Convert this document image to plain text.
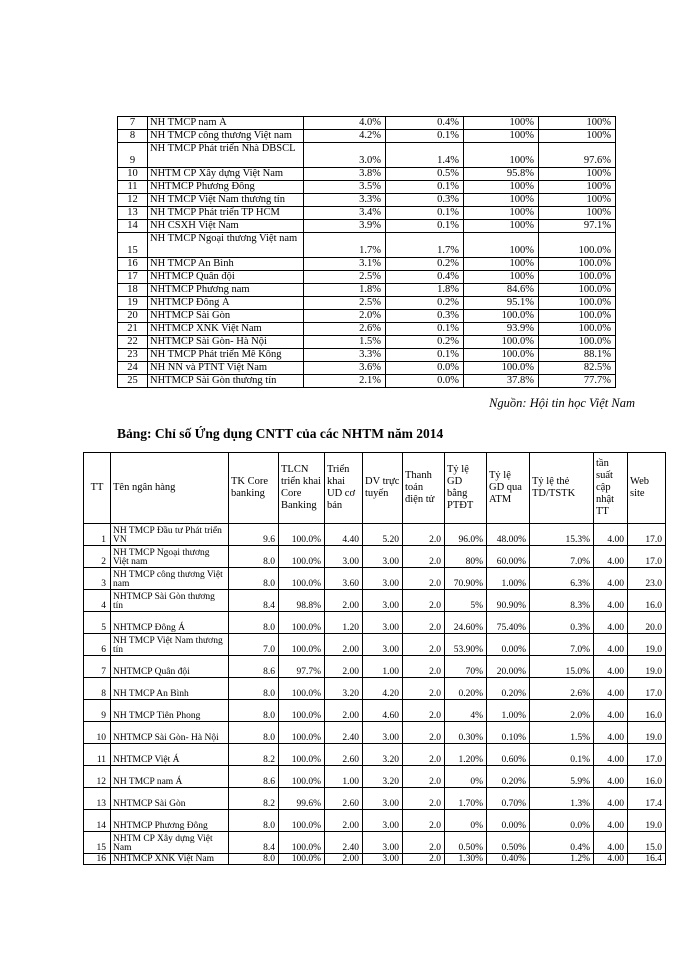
7	NH TMCP nam Á	4.0%	0.4%	100%	100%
8	NH TMCP công thương Việt nam	4.2%	0.1%	100%	100%
9	NH TMCP Phát triển Nhà DBSCL	3.0%	1.4%	100%	97.6%
10	NHTM CP Xây dựng Việt Nam	3.8%	0.5%	95.8%	100%
11	NHTMCP Phương Đông	3.5%	0.1%	100%	100%
12	NH TMCP Việt Nam thương tín	3.3%	0.3%	100%	100%
13	NH TMCP Phát triển TP HCM	3.4%	0.1%	100%	100%
14	NH CSXH Việt Nam	3.9%	0.1%	100%	97.1%
15	NH TMCP Ngoại thương Việt nam	1.7%	1.7%	100%	100.0%
16	NH TMCP An Bình	3.1%	0.2%	100%	100.0%
17	NHTMCP Quân đội	2.5%	0.4%	100%	100.0%
18	NHTMCP Phương nam	1.8%	1.8%	84.6%	100.0%
19	NHTMCP Đông Á	2.5%	0.2%	95.1%	100.0%
20	NHTMCP Sài Gòn	2.0%	0.3%	100.0%	100.0%
21	NHTMCP XNK Việt Nam	2.6%	0.1%	93.9%	100.0%
22	NHTMCP Sài Gòn- Hà Nội	1.5%	0.2%	100.0%	100.0%
23	NH TMCP Phát triển Mê Kông	3.3%	0.1%	100.0%	88.1%
24	NH NN và PTNT Việt Nam	3.6%	0.0%	100.0%	82.5%
25	NHTMCP Sài Gòn thương tín	2.1%	0.0%	37.8%	77.7%
Nguồn: Hội tin học Việt Nam
Bảng: Chỉ số Ứng dụng CNTT của các NHTM năm 2014
TT	Tên ngân hàng	TK Core banking	TLCN triển khai Core Banking	Triển khai UD cơ bản	DV trực tuyến	Thanh toán điện tử	Tỷ lệ GD bằng PTĐT	Tỷ lệ GD qua ATM	Tỷ lệ thẻ TD/TSTK	tần suất cập nhật TT	Web site
1	NH TMCP Đầu tư Phát triển VN	9.6	100.0%	4.40	5.20	2.0	96.0%	48.00%	15.3%	4.00	17.0
2	NH TMCP Ngoại thương Việt nam	8.0	100.0%	3.00	3.00	2.0	80%	60.00%	7.0%	4.00	17.0
3	NH TMCP công thương Việt nam	8.0	100.0%	3.60	3.00	2.0	70.90%	1.00%	6.3%	4.00	23.0
4	NHTMCP Sài Gòn thương tín	8.4	98.8%	2.00	3.00	2.0	5%	90.90%	8.3%	4.00	16.0
5	NHTMCP Đông Á	8.0	100.0%	1.20	3.00	2.0	24.60%	75.40%	0.3%	4.00	20.0
6	NH TMCP Việt Nam thương tín	7.0	100.0%	2.00	3.00	2.0	53.90%	0.00%	7.0%	4.00	19.0
7	NHTMCP Quân đội	8.6	97.7%	2.00	1.00	2.0	70%	20.00%	15.0%	4.00	19.0
8	NH TMCP An Bình	8.0	100.0%	3.20	4.20	2.0	0.20%	0.20%	2.6%	4.00	17.0
9	NH TMCP Tiên Phong	8.0	100.0%	2.00	4.60	2.0	4%	1.00%	2.0%	4.00	16.0
10	NHTMCP Sài Gòn- Hà Nội	8.0	100.0%	2.40	3.00	2.0	0.30%	0.10%	1.5%	4.00	19.0
11	NHTMCP Việt Á	8.2	100.0%	2.60	3.20	2.0	1.20%	0.60%	0.1%	4.00	17.0
12	NH TMCP nam Á	8.6	100.0%	1.00	3.20	2.0	0%	0.20%	5.9%	4.00	16.0
13	NHTMCP Sài Gòn	8.2	99.6%	2.60	3.00	2.0	1.70%	0.70%	1.3%	4.00	17.4
14	NHTMCP Phương Đông	8.0	100.0%	2.00	3.00	2.0	0%	0.00%	0.0%	4.00	19.0
15	NHTM CP Xây dựng Việt Nam	8.4	100.0%	2.40	3.00	2.0	0.50%	0.50%	0.4%	4.00	15.0
16	NHTMCP XNK Việt Nam	8.0	100.0%	2.00	3.00	2.0	1.30%	0.40%	1.2%	4.00	16.4
